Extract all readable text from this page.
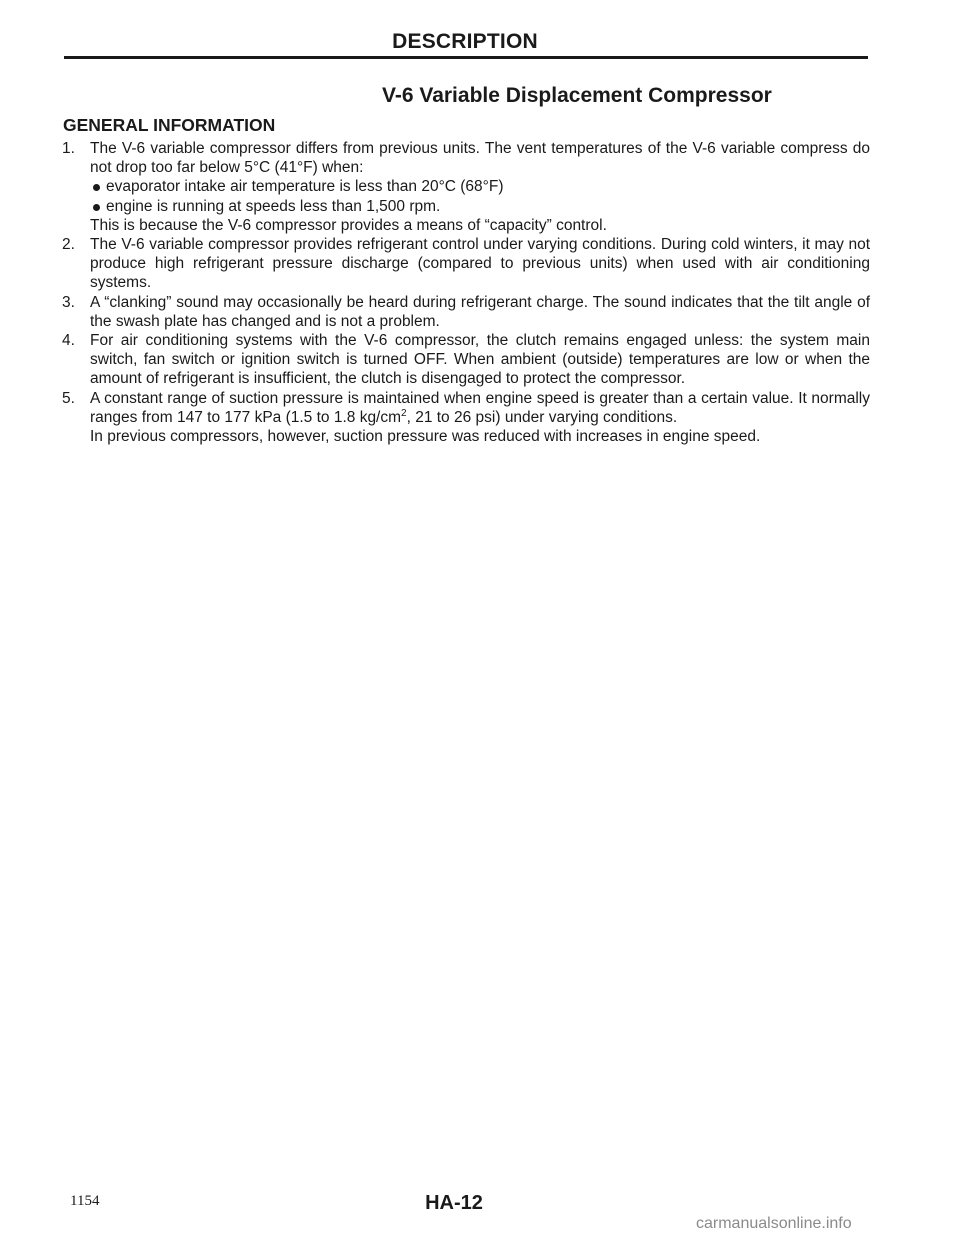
DESCRIPTION
V-6 Variable Displacement Compressor
GENERAL INFORMATION
1. The V-6 variable compressor differs from previous units. The vent temperatures of the V-6 variable compress do not drop too far below 5°C (41°F) when:
evaporator intake air temperature is less than 20°C (68°F)
engine is running at speeds less than 1,500 rpm.
This is because the V-6 compressor provides a means of “capacity” control.
2. The V-6 variable compressor provides refrigerant control under varying conditions. During cold winters, it may not produce high refrigerant pressure discharge (compared to previous units) when used with air conditioning systems.
3. A “clanking” sound may occasionally be heard during refrigerant charge. The sound indicates that the tilt angle of the swash plate has changed and is not a problem.
4. For air conditioning systems with the V-6 compressor, the clutch remains engaged unless: the system main switch, fan switch or ignition switch is turned OFF. When ambient (outside) temperatures are low or when the amount of refrigerant is insufficient, the clutch is disengaged to protect the compressor.
5. A constant range of suction pressure is maintained when engine speed is greater than a certain value. It normally ranges from 147 to 177 kPa (1.5 to 1.8 $kg/cm^2$, 21 to 26 psi) under varying conditions.
In previous compressors, however, suction pressure was reduced with increases in engine speed.
1154	HA-12
carmanualsonline.info
